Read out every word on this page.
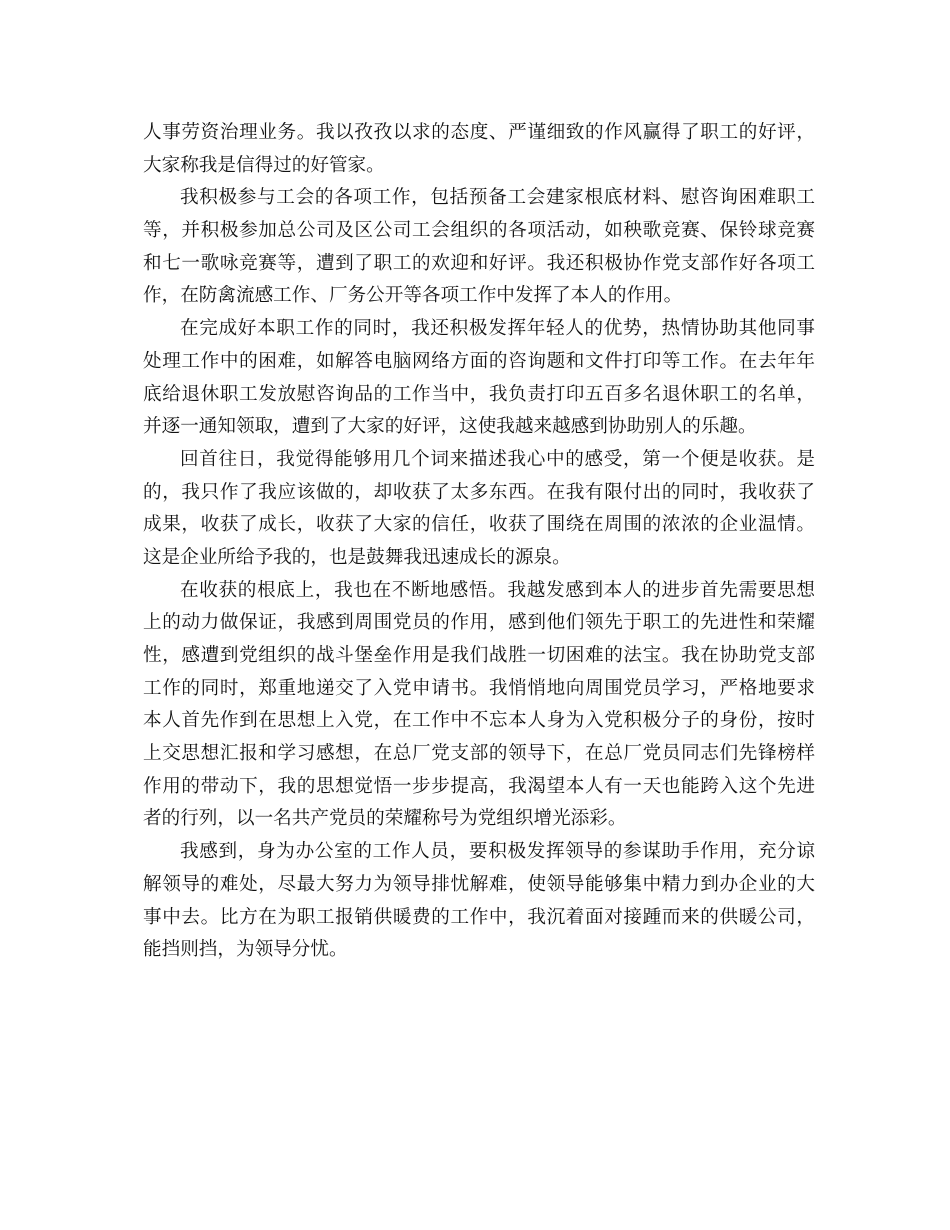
人事劳资治理业务。我以孜孜以求的态度、严谨细致的作风赢得了职工的好评，
大家称我是信得过的好管家。
我积极参与工会的各项工作，包括预备工会建家根底材料、慰咨询困难职工
等，并积极参加总公司及区公司工会组织的各项活动，如秧歌竞赛、保铃球竞赛
和七一歌咏竞赛等，遭到了职工的欢迎和好评。我还积极协作党支部作好各项工
作，在防禽流感工作、厂务公开等各项工作中发挥了本人的作用。
在完成好本职工作的同时，我还积极发挥年轻人的优势，热情协助其他同事
处理工作中的困难，如解答电脑网络方面的咨询题和文件打印等工作。在去年年
底给退休职工发放慰咨询品的工作当中，我负责打印五百多名退休职工的名单，
并逐一通知领取，遭到了大家的好评，这使我越来越感到协助别人的乐趣。
回首往日，我觉得能够用几个词来描述我心中的感受，第一个便是收获。是
的，我只作了我应该做的，却收获了太多东西。在我有限付出的同时，我收获了
成果，收获了成长，收获了大家的信任，收获了围绕在周围的浓浓的企业温情。
这是企业所给予我的，也是鼓舞我迅速成长的源泉。
在收获的根底上，我也在不断地感悟。我越发感到本人的进步首先需要思想
上的动力做保证，我感到周围党员的作用，感到他们领先于职工的先进性和荣耀
性，感遭到党组织的战斗堡垒作用是我们战胜一切困难的法宝。我在协助党支部
工作的同时，郑重地递交了入党申请书。我悄悄地向周围党员学习，严格地要求
本人首先作到在思想上入党，在工作中不忘本人身为入党积极分子的身份，按时
上交思想汇报和学习感想，在总厂党支部的领导下，在总厂党员同志们先锋榜样
作用的带动下，我的思想觉悟一步步提高，我渴望本人有一天也能跨入这个先进
者的行列，以一名共产党员的荣耀称号为党组织增光添彩。
我感到，身为办公室的工作人员，要积极发挥领导的参谋助手作用，充分谅
解领导的难处，尽最大努力为领导排忧解难，使领导能够集中精力到办企业的大
事中去。比方在为职工报销供暖费的工作中，我沉着面对接踵而来的供暖公司，
能挡则挡，为领导分忧。
